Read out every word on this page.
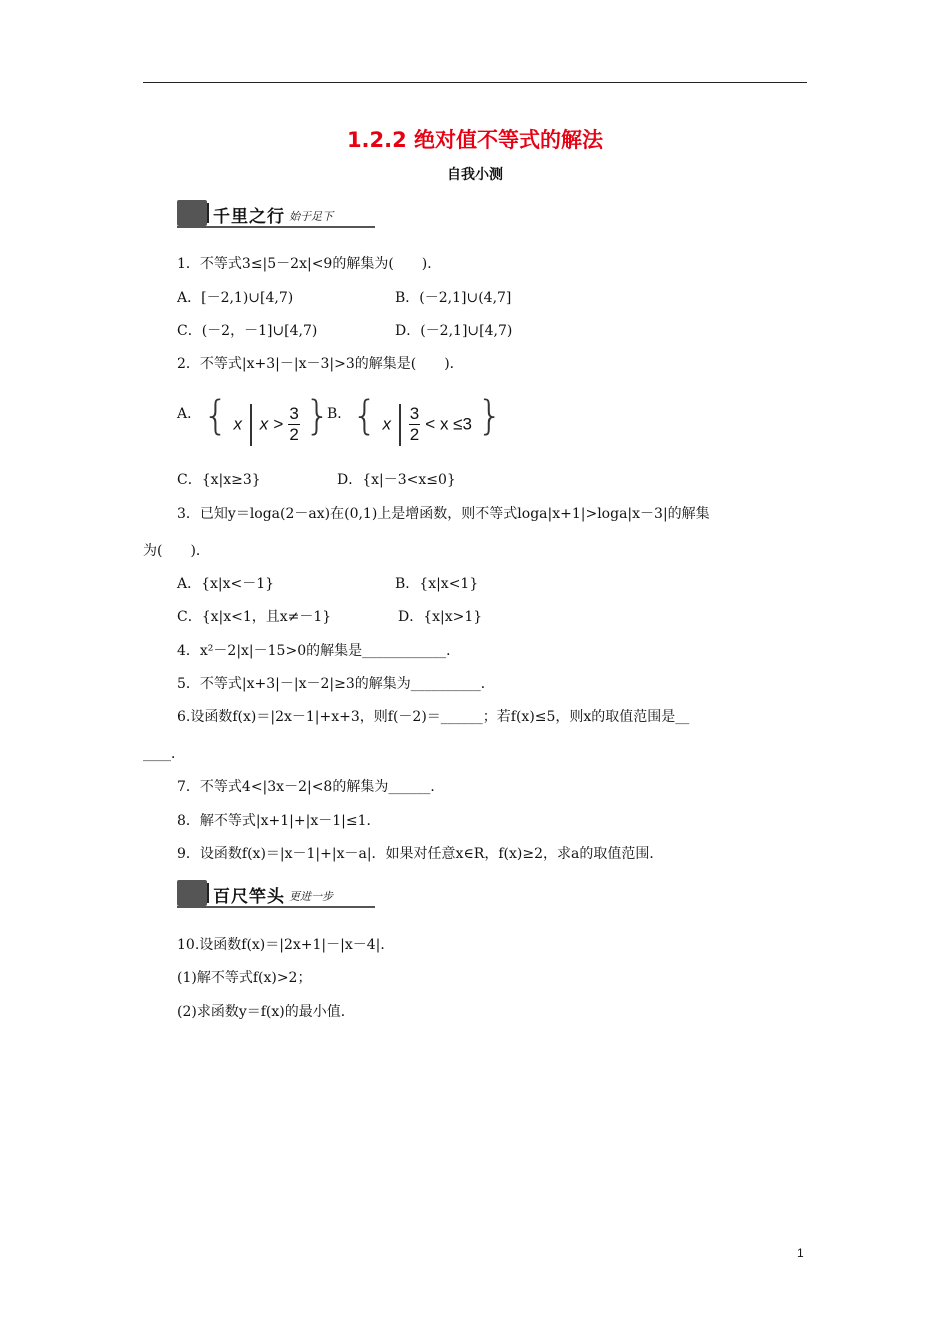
1.2.2 绝对值不等式的解法
自我小测
千里之行 始于足下
1．不等式3≤|5－2x|<9的解集为(　　)．
A．[－2,1)∪[4,7)	B．(－2,1]∪(4,7]
C．(－2，－1]∪[4,7)	D．(－2,1]∪[4,7)
2．不等式|x+3|－|x－3|>3的解集是(　　)．
A． { x $x > \frac{3}{2}$ }
B． { x $\frac{3}{2} < x \le 3$ }
C．{x|x≥3}	D．{x|－3<x≤0}
3．已知y＝loga(2－ax)在(0,1)上是增函数，则不等式loga|x+1|>loga|x－3|的解集
为(　　)．
A．{x|x<－1}	B．{x|x<1}
C．{x|x<1，且x≠－1}	D．{x|x>1}
4．x²－2|x|－15>0的解集是____________．
5．不等式|x+3|－|x－2|≥3的解集为__________．
6.设函数f(x)＝|2x－1|+x+3，则f(－2)＝______；若f(x)≤5，则x的取值范围是__
____．
7．不等式4<|3x－2|<8的解集为______．
8．解不等式|x+1|+|x－1|≤1．
9．设函数f(x)＝|x－1|+|x－a|．如果对任意x∈R，f(x)≥2，求a的取值范围．
百尺竿头 更进一步
10.设函数f(x)＝|2x+1|－|x－4|．
(1)解不等式f(x)>2；
(2)求函数y＝f(x)的最小值．
1
